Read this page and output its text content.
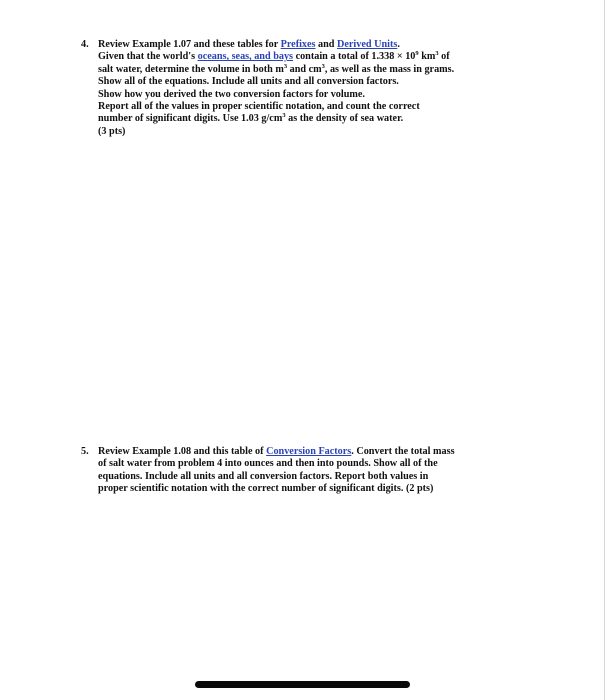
4. Review Example 1.07 and these tables for Prefixes and Derived Units.
Given that the world's oceans, seas, and bays contain a total of $1.338 \times 10^9$ $km^3$ of
salt water, determine the volume in both $m^3$ and $cm^3$, as well as the mass in grams.
Show all of the equations. Include all units and all conversion factors.
Show how you derived the two conversion factors for volume.
Report all of the values in proper scientific notation, and count the correct
number of significant digits. Use 1.03 $g/cm^3$ as the density of sea water.
(3 pts)
5. Review Example 1.08 and this table of Conversion Factors. Convert the total mass
of salt water from problem 4 into ounces and then into pounds. Show all of the
equations. Include all units and all conversion factors. Report both values in
proper scientific notation with the correct number of significant digits. (2 pts)
